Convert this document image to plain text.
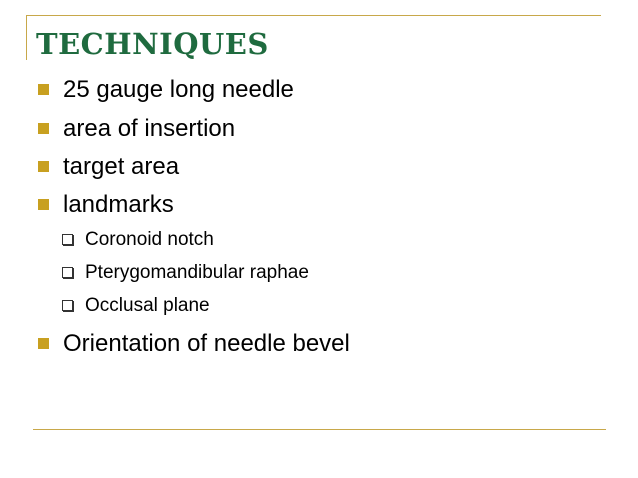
TECHNIQUES
25 gauge long needle
area of insertion
target area
landmarks
Coronoid notch
Pterygomandibular raphae
Occlusal plane
Orientation of needle bevel
